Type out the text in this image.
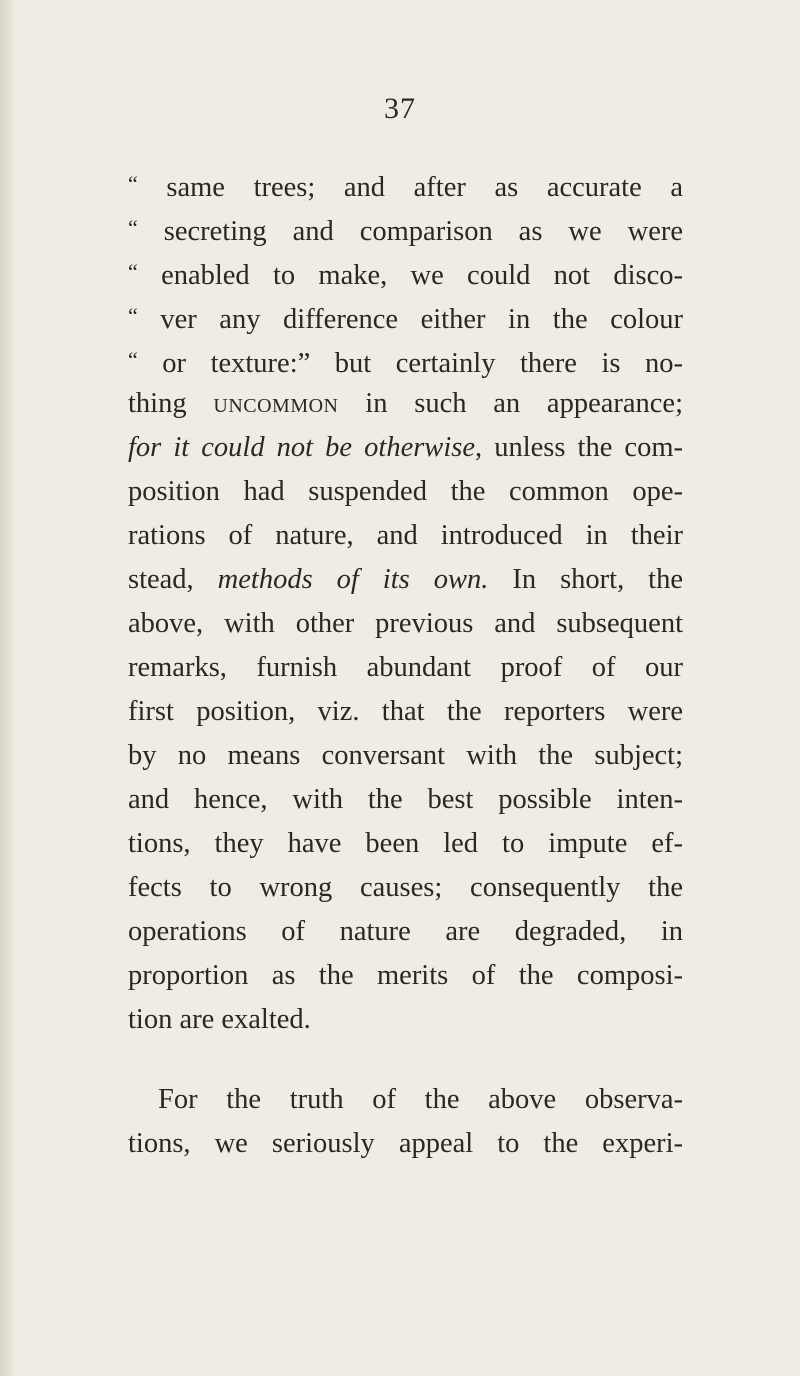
37
“ same trees; and after as accurate a
“ secreting and comparison as we were
“ enabled to make, we could not disco-
“ ver any difference either in the colour
“ or texture:” but certainly there is no-
thing uncommon in such an appearance;
for it could not be otherwise, unless the com-
position had suspended the common ope-
rations of nature, and introduced in their
stead, methods of its own. In short, the
above, with other previous and subsequent
remarks, furnish abundant proof of our
first position, viz. that the reporters were
by no means conversant with the subject;
and hence, with the best possible inten-
tions, they have been led to impute ef-
fects to wrong causes; consequently the
operations of nature are degraded, in
proportion as the merits of the composi-
tion are exalted.
For the truth of the above observa-
tions, we seriously appeal to the experi-
